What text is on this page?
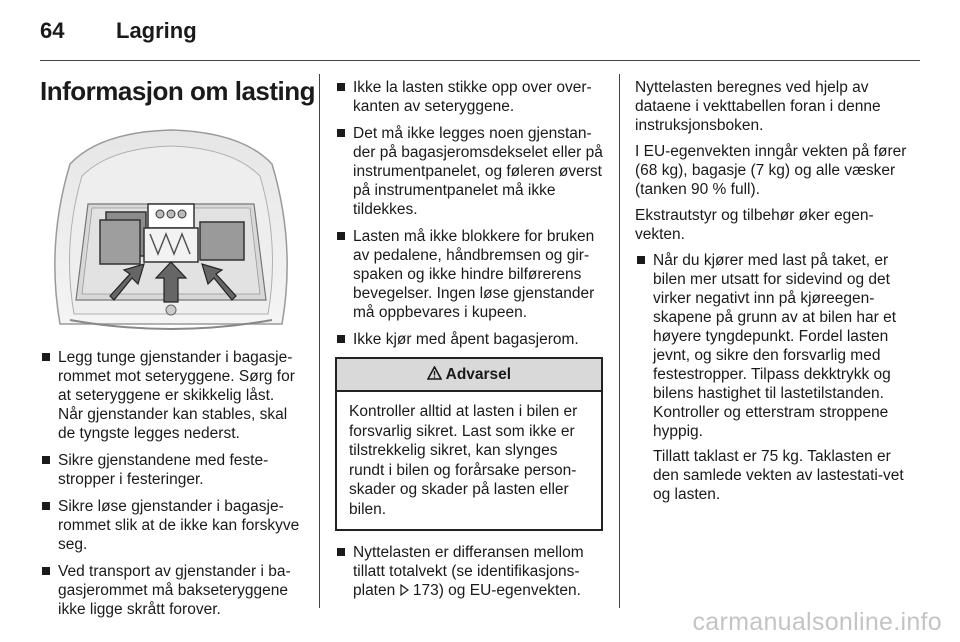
64 Lagring
Informasjon om lasting
Legg tunge gjenstander i bagasje-rommet mot seteryggene. Sørg for at seteryggene er skikkelig låst. Når gjenstander kan stables, skal de tyngste legges nederst.
Sikre gjenstandene med feste-stropper i festeringer.
Sikre løse gjenstander i bagasje-rommet slik at de ikke kan forskyve seg.
Ved transport av gjenstander i ba-gasjerommet må bakseteryggene ikke ligge skrått forover.
Ikke la lasten stikke opp over over-kanten av seteryggene.
Det må ikke legges noen gjenstan-der på bagasjeromsdekselet eller på instrumentpanelet, og føleren øverst på instrumentpanelet må ikke tildekkes.
Lasten må ikke blokkere for bruken av pedalene, håndbremsen og gir-spaken og ikke hindre bilførerens bevegelser. Ingen løse gjenstander må oppbevares i kupeen.
Ikke kjør med åpent bagasjerom.
Advarsel
Kontroller alltid at lasten i bilen er forsvarlig sikret. Last som ikke er tilstrekkelig sikret, kan slynges rundt i bilen og forårsake person-skader og skader på lasten eller bilen.
Nyttelasten er differansen mellom tillatt totalvekt (se identifikasjons-platen  173) og EU-egenvekten.
Nyttelasten beregnes ved hjelp av dataene i vekttabellen foran i denne instruksjonsboken.
I EU-egenvekten inngår vekten på fører (68 kg), bagasje (7 kg) og alle væsker (tanken 90 % full).
Ekstrautstyr og tilbehør øker egen-vekten.
Når du kjører med last på taket, er bilen mer utsatt for sidevind og det virker negativt inn på kjøreegen-skapene på grunn av at bilen har et høyere tyngdepunkt. Fordel lasten jevnt, og sikre den forsvarlig med festestropper. Tilpass dekktrykk og bilens hastighet til lastetilstanden. Kontroller og etterstram stroppene hyppig.
Tillatt taklast er 75 kg. Taklasten er den samlede vekten av lastestati-vet og lasten.
carmanualsonline.info
